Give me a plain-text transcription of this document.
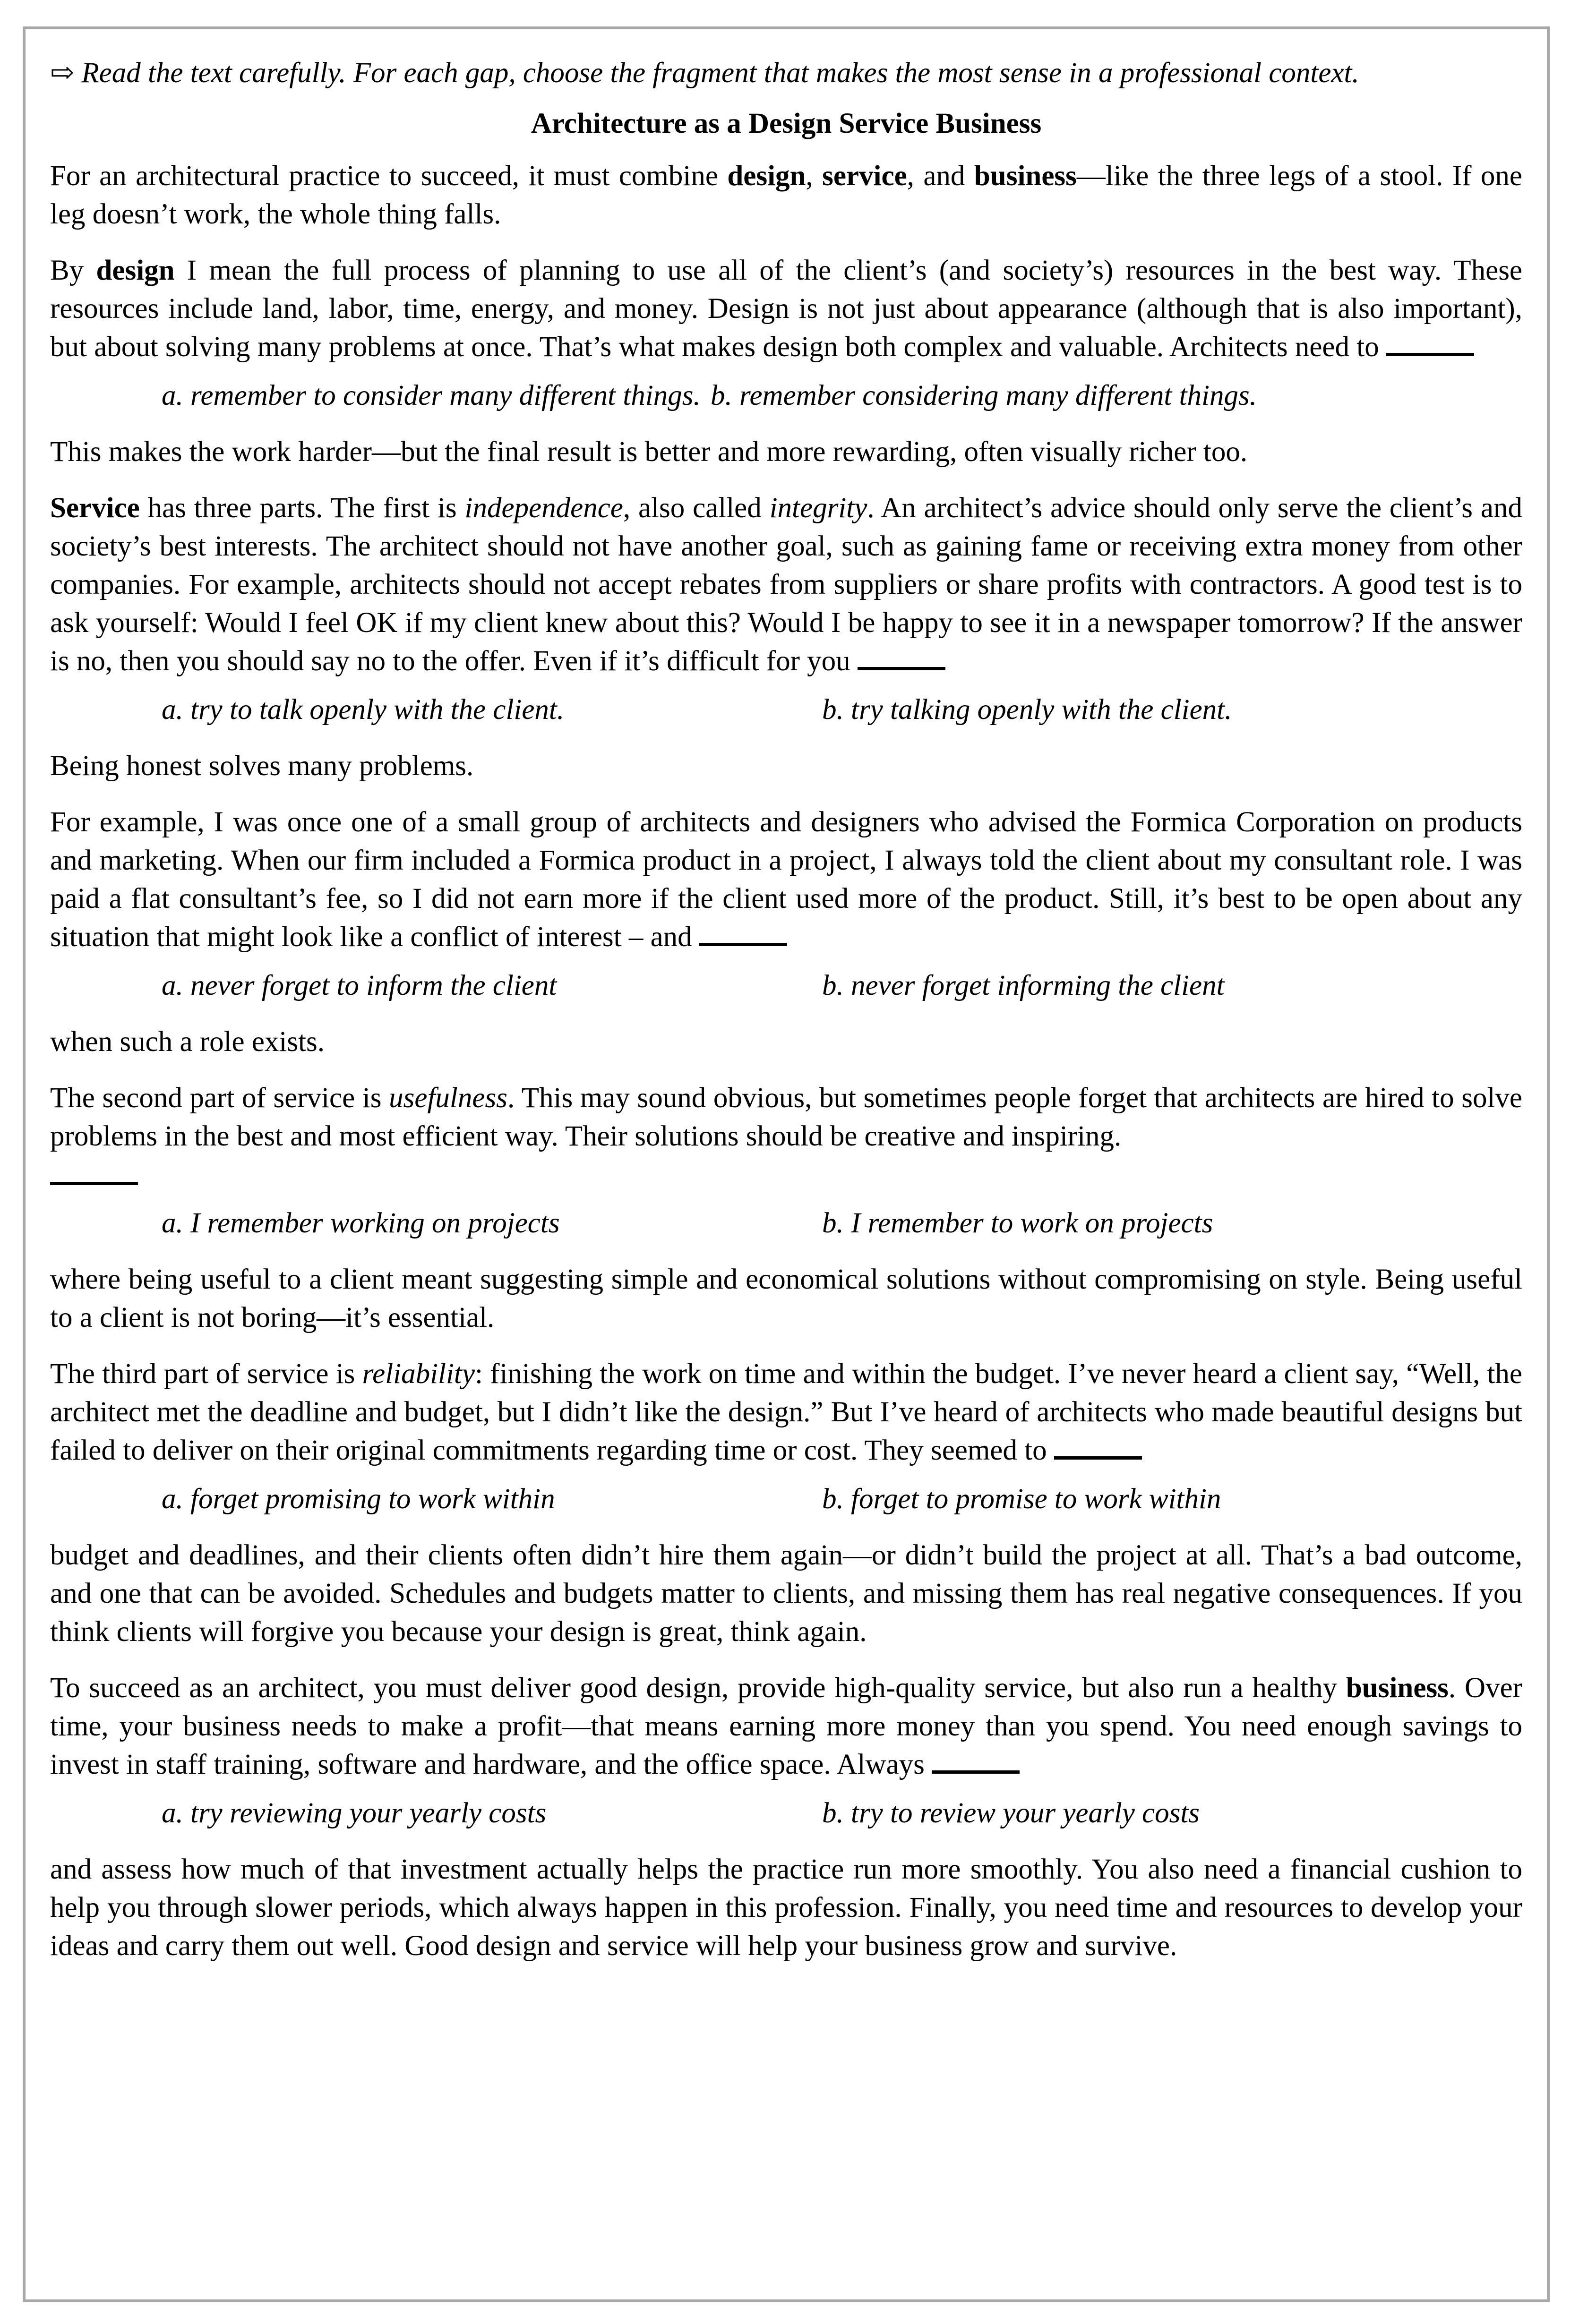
⇨ Read the text carefully. For each gap, choose the fragment that makes the most sense in a professional context.

Architecture as a Design Service Business

For an architectural practice to succeed, it must combine design, service, and business—like the three legs of a stool. If one leg doesn’t work, the whole thing falls.

By design I mean the full process of planning to use all of the client’s (and society’s) resources in the best way. These resources include land, labor, time, energy, and money. Design is not just about appearance (although that is also important), but about solving many problems at once. That’s what makes design both complex and valuable. Architects need to

a. remember to consider many different things. b. remember considering many different things.

This makes the work harder—but the final result is better and more rewarding, often visually richer too.

Service has three parts. The first is independence, also called integrity. An architect’s advice should only serve the client’s and society’s best interests. The architect should not have another goal, such as gaining fame or receiving extra money from other companies. For example, architects should not accept rebates from suppliers or share profits with contractors. A good test is to ask yourself: Would I feel OK if my client knew about this? Would I be happy to see it in a newspaper tomorrow? If the answer is no, then you should say no to the offer. Even if it’s difficult for you

a. try to talk openly with the client.	b. try talking openly with the client.

Being honest solves many problems.

For example, I was once one of a small group of architects and designers who advised the Formica Corporation on products and marketing. When our firm included a Formica product in a project, I always told the client about my consultant role. I was paid a flat consultant’s fee, so I did not earn more if the client used more of the product. Still, it’s best to be open about any situation that might look like a conflict of interest – and

a. never forget to inform the client	b. never forget informing the client

when such a role exists.

The second part of service is usefulness. This may sound obvious, but sometimes people forget that architects are hired to solve problems in the best and most efficient way. Their solutions should be creative and inspiring.

a. I remember working on projects	b. I remember to work on projects

where being useful to a client meant suggesting simple and economical solutions without compromising on style. Being useful to a client is not boring—it’s essential.

The third part of service is reliability: finishing the work on time and within the budget. I’ve never heard a client say, “Well, the architect met the deadline and budget, but I didn’t like the design.” But I’ve heard of architects who made beautiful designs but failed to deliver on their original commitments regarding time or cost. They seemed to

a. forget promising to work within	b. forget to promise to work within

budget and deadlines, and their clients often didn’t hire them again—or didn’t build the project at all. That’s a bad outcome, and one that can be avoided. Schedules and budgets matter to clients, and missing them has real negative consequences. If you think clients will forgive you because your design is great, think again.

To succeed as an architect, you must deliver good design, provide high-quality service, but also run a healthy business. Over time, your business needs to make a profit—that means earning more money than you spend. You need enough savings to invest in staff training, software and hardware, and the office space. Always

a. try reviewing your yearly costs	b. try to review your yearly costs

and assess how much of that investment actually helps the practice run more smoothly. You also need a financial cushion to help you through slower periods, which always happen in this profession. Finally, you need time and resources to develop your ideas and carry them out well. Good design and service will help your business grow and survive.
